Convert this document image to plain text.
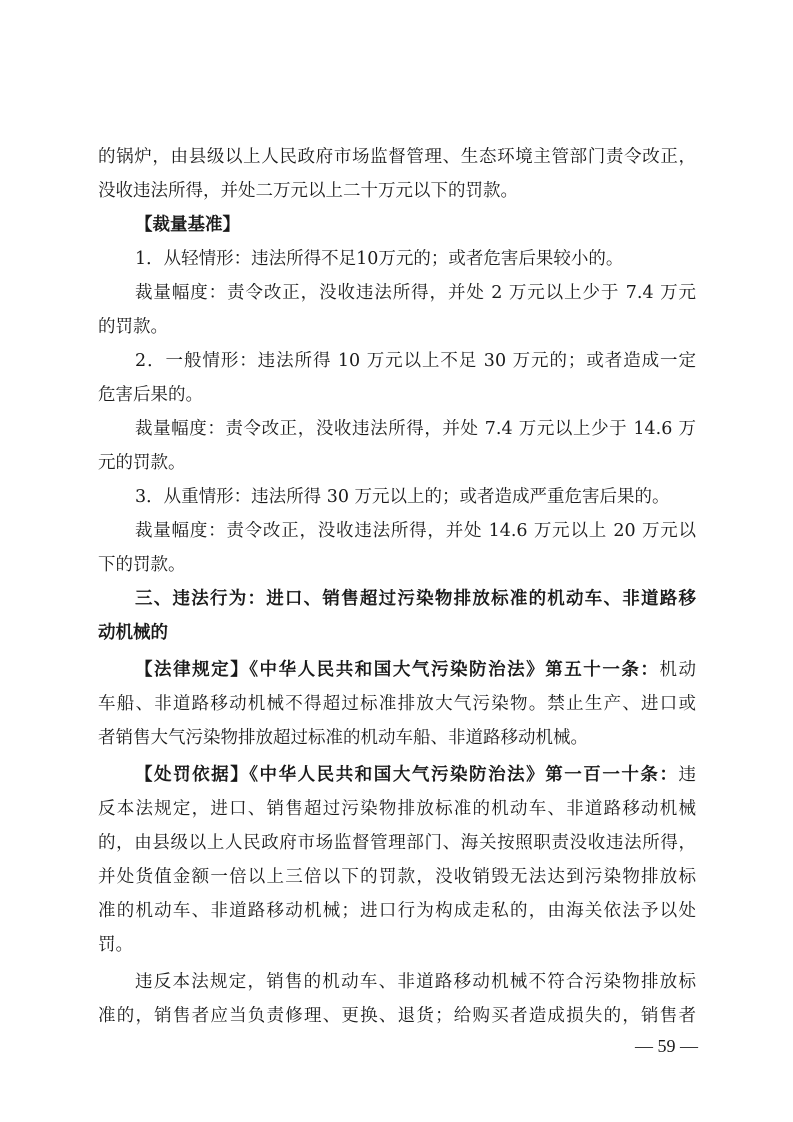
的锅炉，由县级以上人民政府市场监督管理、生态环境主管部门责令改正，
没收违法所得，并处二万元以上二十万元以下的罚款。
【裁量基准】
1．从轻情形：违法所得不足10万元的；或者危害后果较小的。
裁量幅度：责令改正，没收违法所得，并处 2 万元以上少于 7.4 万元
的罚款。
2．一般情形：违法所得 10 万元以上不足 30 万元的；或者造成一定
危害后果的。
裁量幅度：责令改正，没收违法所得，并处 7.4 万元以上少于 14.6 万
元的罚款。
3．从重情形：违法所得 30 万元以上的；或者造成严重危害后果的。
裁量幅度：责令改正，没收违法所得，并处 14.6 万元以上 20 万元以
下的罚款。
三、违法行为：进口、销售超过污染物排放标准的机动车、非道路移
动机械的
【法律规定】《中华人民共和国大气污染防治法》第五十一条：机动
车船、非道路移动机械不得超过标准排放大气污染物。禁止生产、进口或
者销售大气污染物排放超过标准的机动车船、非道路移动机械。
【处罚依据】《中华人民共和国大气污染防治法》第一百一十条：违
反本法规定，进口、销售超过污染物排放标准的机动车、非道路移动机械
的，由县级以上人民政府市场监督管理部门、海关按照职责没收违法所得，
并处货值金额一倍以上三倍以下的罚款，没收销毁无法达到污染物排放标
准的机动车、非道路移动机械；进口行为构成走私的，由海关依法予以处
罚。
违反本法规定，销售的机动车、非道路移动机械不符合污染物排放标
准的，销售者应当负责修理、更换、退货；给购买者造成损失的，销售者
— 59 —
